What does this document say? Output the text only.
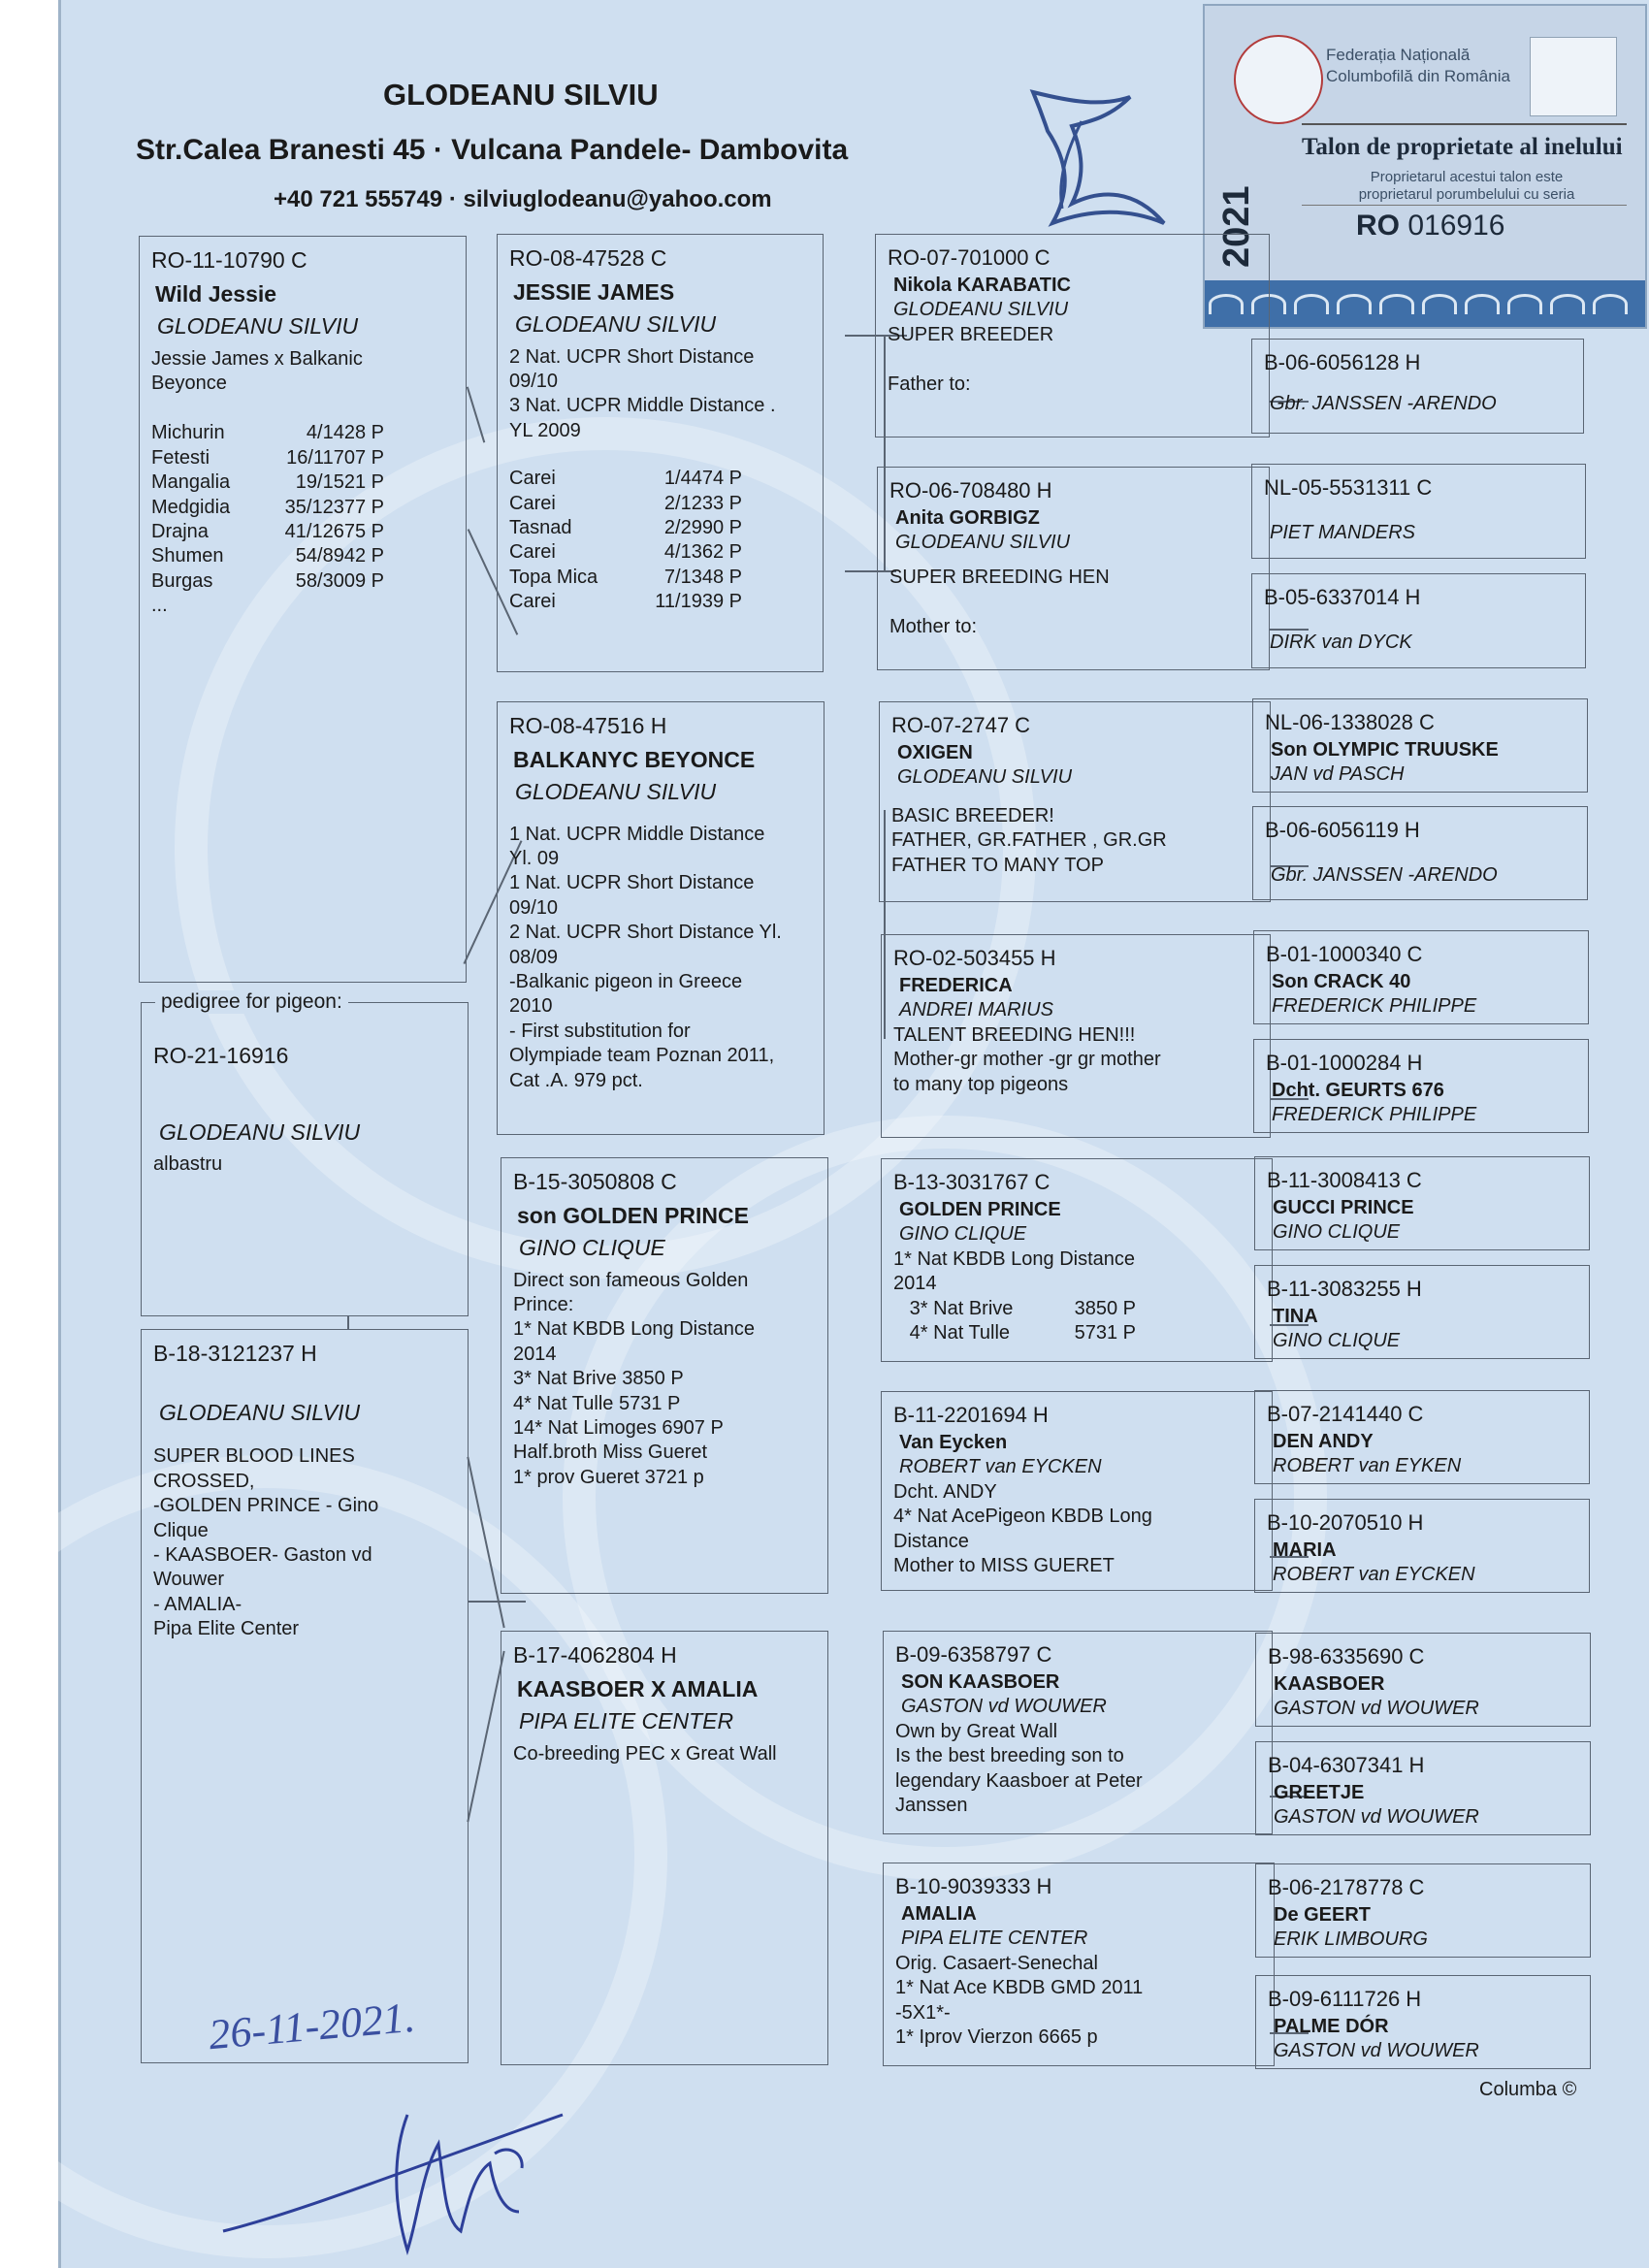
GLODEANU SILVIU
Str.Calea Branesti 45 · Vulcana Pandele- Dambovita
+40 721 555749 · silviuglodeanu@yahoo.com
Federația Națională
Columbofilă din România
Talon de proprietate al inelului
Proprietarul acestui talon este
proprietarul porumbelului cu seria
2021	RO 016916
RO-11-10790 C
Wild Jessie
GLODEANU SILVIU
Jessie James x Balkanic
Beyonce
Michurin	4/1428 P
Fetesti	16/11707 P
Mangalia	19/1521 P
Medgidia	35/12377 P
Drajna	41/12675 P
Shumen	54/8942 P
Burgas	58/3009 P
...
RO-21-16916
GLODEANU SILVIU
albastru
pedigree for pigeon:
B-18-3121237 H
GLODEANU SILVIU
SUPER BLOOD LINES
CROSSED,
-GOLDEN PRINCE - Gino
Clique
- KAASBOER- Gaston vd
Wouwer
- AMALIA-
Pipa Elite Center
RO-08-47528 C
JESSIE JAMES
GLODEANU SILVIU
2 Nat. UCPR Short Distance
09/10
3 Nat. UCPR Middle Distance .
YL 2009
Carei	1/4474 P
Carei	2/1233 P
Tasnad	2/2990 P
Carei	4/1362 P
Topa Mica	7/1348 P
Carei	11/1939 P
RO-08-47516 H
BALKANYC BEYONCE
GLODEANU SILVIU
1 Nat. UCPR Middle Distance
Yl. 09
1 Nat. UCPR Short Distance
09/10
2 Nat. UCPR Short Distance Yl.
08/09
-Balkanic pigeon in Greece
2010
- First substitution for
Olympiade team Poznan 2011,
Cat .A. 979 pct.
B-15-3050808 C
son GOLDEN PRINCE
GINO CLIQUE
Direct son fameous Golden
Prince:
1* Nat KBDB Long Distance
2014
3* Nat Brive 3850 P
4* Nat Tulle 5731 P
14* Nat Limoges 6907 P
Half.broth Miss Gueret
1* prov Gueret 3721 p
B-17-4062804 H
KAASBOER X AMALIA
PIPA ELITE CENTER
Co-breeding PEC x Great Wall
RO-07-701000 C
Nikola KARABATIC
GLODEANU SILVIU
SUPER BREEDER

Father to:
RO-06-708480 H
Anita GORBIGZ
GLODEANU SILVIU
SUPER BREEDING HEN

Mother to:
RO-07-2747 C
OXIGEN
GLODEANU SILVIU
BASIC BREEDER!
FATHER, GR.FATHER , GR.GR
FATHER TO MANY TOP
RO-02-503455 H
FREDERICA
ANDREI MARIUS
TALENT BREEDING HEN!!!
Mother-gr mother -gr gr mother
to many top pigeons
B-13-3031767 C
GOLDEN PRINCE
GINO CLIQUE
1* Nat KBDB Long Distance
2014
3* Nat Brive	3850 P
4* Nat Tulle	5731 P
B-11-2201694 H
Van Eycken
ROBERT van EYCKEN
Dcht. ANDY
4* Nat AcePigeon KBDB Long
Distance
Mother to MISS GUERET
B-09-6358797 C
SON KAASBOER
GASTON vd WOUWER
Own by Great Wall
Is the best breeding son to
legendary Kaasboer at Peter
Janssen
B-10-9039333 H
AMALIA
PIPA ELITE CENTER
Orig. Casaert-Senechal
1* Nat Ace KBDB GMD 2011
-5X1*-
1* Iprov Vierzon 6665 p
B-06-6056128 H
Gbr. JANSSEN -ARENDO
NL-05-5531311 C
PIET MANDERS
B-05-6337014 H
DIRK van DYCK
NL-06-1338028 C
Son OLYMPIC TRUUSKE
JAN vd PASCH
B-06-6056119 H
Gbr. JANSSEN -ARENDO
B-01-1000340 C
Son CRACK 40
FREDERICK PHILIPPE
B-01-1000284 H
Dcht. GEURTS 676
FREDERICK PHILIPPE
B-11-3008413 C
GUCCI PRINCE
GINO CLIQUE
B-11-3083255 H
TINA
GINO CLIQUE
B-07-2141440 C
DEN ANDY
ROBERT van EYKEN
B-10-2070510 H
MARIA
ROBERT van EYCKEN
B-98-6335690 C
KAASBOER
GASTON vd WOUWER
B-04-6307341 H
GREETJE
GASTON vd WOUWER
B-06-2178778 C
De GEERT
ERIK LIMBOURG
B-09-6111726 H
PALME DÓR
GASTON vd WOUWER
26-11-2021.
Columba ©
